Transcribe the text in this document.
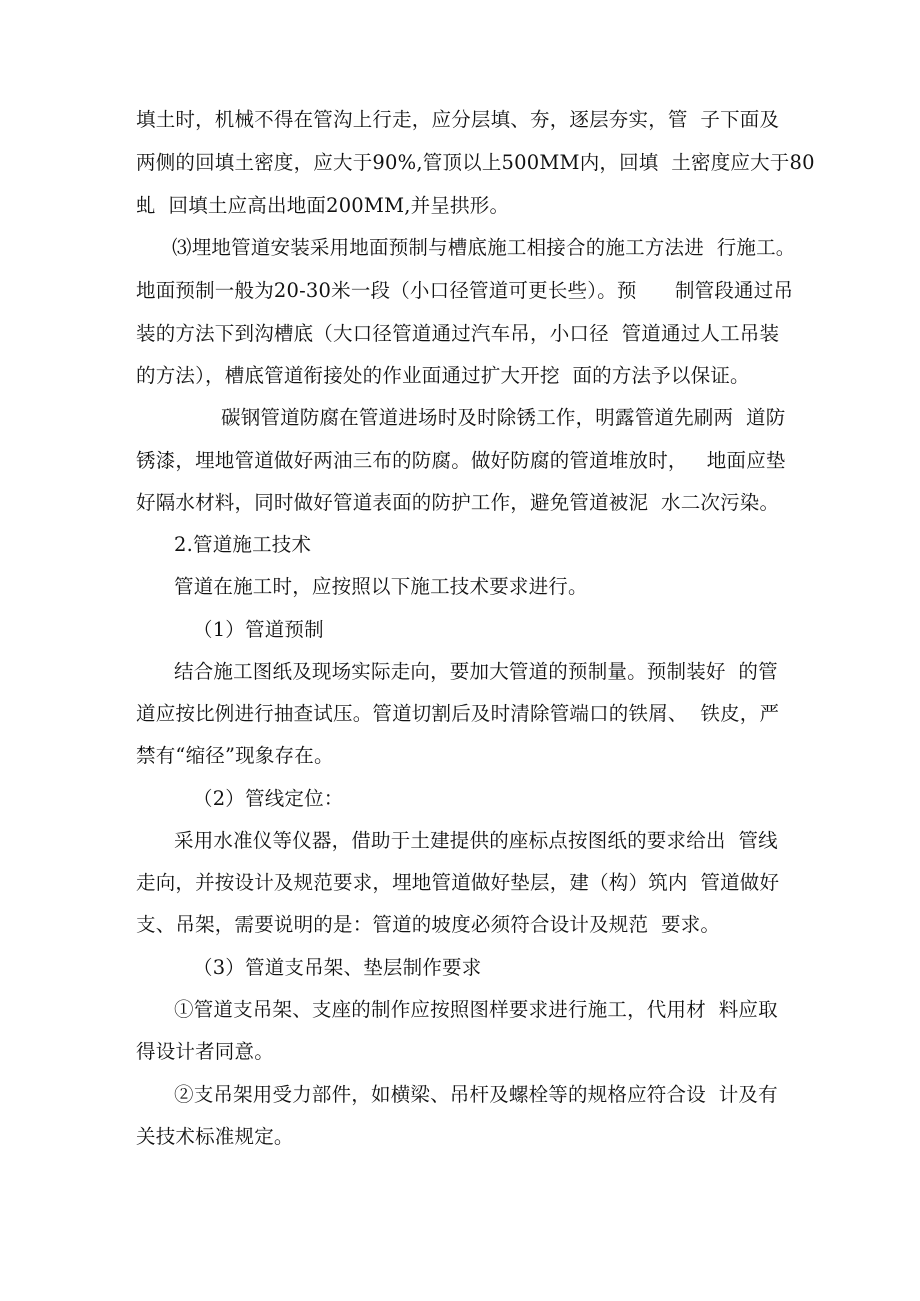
填土时，机械不得在管沟上行走，应分层填、夯，逐层夯实，管  子下面及
两侧的回填土密度，应大于90%,管顶以上500MM内，回填  土密度应大于80
虬  回填土应高出地面200MM,并呈拱形。
⑶埋地管道安装采用地面预制与槽底施工相接合的施工方法进  行施工。
地面预制一般为20-30米一段（小口径管道可更长些）。预      制管段通过吊
装的方法下到沟槽底（大口径管道通过汽车吊，小口径  管道通过人工吊装
的方法），槽底管道衔接处的作业面通过扩大开挖  面的方法予以保证。
碳钢管道防腐在管道进场时及时除锈工作，明露管道先刷两  道防
锈漆，埋地管道做好两油三布的防腐。做好防腐的管道堆放时，   地面应垫
好隔水材料，同时做好管道表面的防护工作，避免管道被泥  水二次污染。
2.管道施工技术
管道在施工时，应按照以下施工技术要求进行。
（1）管道预制
结合施工图纸及现场实际走向，要加大管道的预制量。预制装好  的管
道应按比例进行抽查试压。管道切割后及时清除管端口的铁屑、  铁皮，严
禁有“缩径”现象存在。
（2）管线定位：
采用水准仪等仪器，借助于土建提供的座标点按图纸的要求给出  管线
走向，并按设计及规范要求，埋地管道做好垫层，建（构）筑内  管道做好
支、吊架，需要说明的是：管道的坡度必须符合设计及规范  要求。
（3）管道支吊架、垫层制作要求
①管道支吊架、支座的制作应按照图样要求进行施工，代用材  料应取
得设计者同意。
②支吊架用受力部件，如横梁、吊杆及螺栓等的规格应符合设  计及有
关技术标准规定。
